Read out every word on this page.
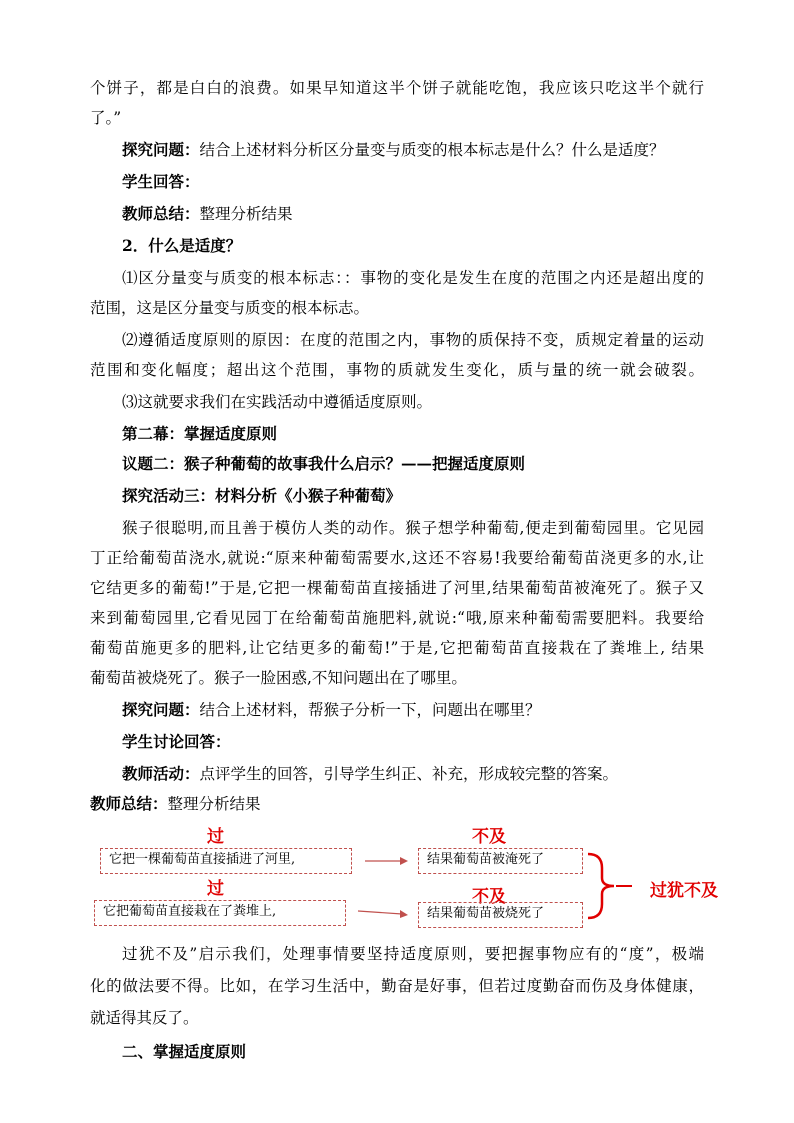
个饼子，都是白白的浪费。如果早知道这半个饼子就能吃饱，我应该只吃这半个就行
了。”
探究问题：结合上述材料分析区分量变与质变的根本标志是什么？什么是适度？
学生回答：
教师总结：整理分析结果
2．什么是适度？
⑴区分量变与质变的根本标志：：事物的变化是发生在度的范围之内还是超出度的
范围，这是区分量变与质变的根本标志。
⑵遵循适度原则的原因：在度的范围之内，事物的质保持不变，质规定着量的运动
范围和变化幅度；超出这个范围，事物的质就发生变化，质与量的统一就会破裂。
⑶这就要求我们在实践活动中遵循适度原则。
第二幕：掌握适度原则
议题二：猴子种葡萄的故事我什么启示？——把握适度原则
探究活动三：材料分析《小猴子种葡萄》
猴子很聪明,而且善于模仿人类的动作。猴子想学种葡萄,便走到葡萄园里。它见园
丁正给葡萄苗浇水,就说:“原来种葡萄需要水,这还不容易!我要给葡萄苗浇更多的水,让
它结更多的葡萄!”于是,它把一棵葡萄苗直接插进了河里,结果葡萄苗被淹死了。猴子又
来到葡萄园里,它看见园丁在给葡萄苗施肥料,就说:“哦,原来种葡萄需要肥料。我要给
葡萄苗施更多的肥料,让它结更多的葡萄!”于是,它把葡萄苗直接栽在了粪堆上, 结果
葡萄苗被烧死了。猴子一脸困惑,不知问题出在了哪里。
探究问题：结合上述材料，帮猴子分析一下，问题出在哪里？
学生讨论回答：
教师活动：点评学生的回答，引导学生纠正、补充，形成较完整的答案。
教师总结：整理分析结果
过	不及
它把一棵葡萄苗直接插进了河里,	结果葡萄苗被淹死了
过	不及
它把葡萄苗直接栽在了粪堆上,	结果葡萄苗被烧死了
过犹不及
过犹不及”启示我们，处理事情要坚持适度原则，要把握事物应有的“度”，极端
化的做法要不得。比如，在学习生活中，勤奋是好事，但若过度勤奋而伤及身体健康，
就适得其反了。
二、掌握适度原则
